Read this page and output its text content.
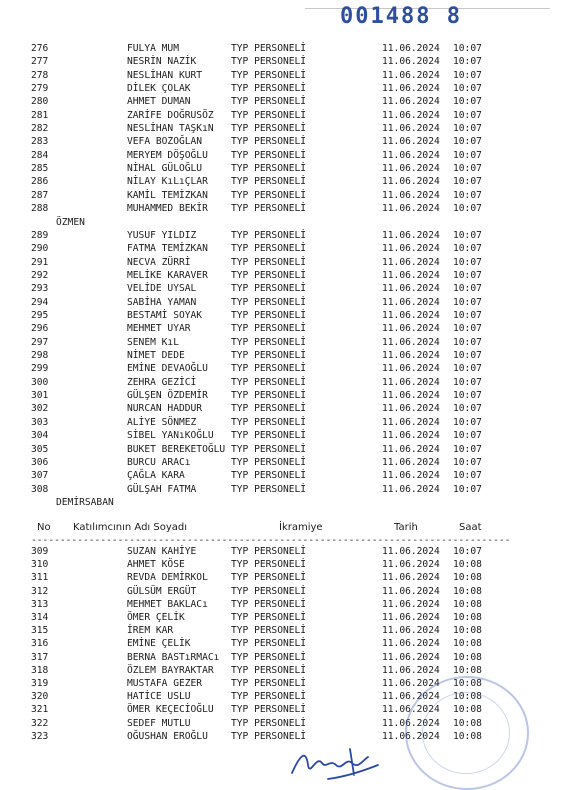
001488 8
276	FULYA MUM	TYP PERSONELİ	11.06.2024 10:07
277	NESRİN NAZİK	TYP PERSONELİ	11.06.2024 10:07
278	NESLİHAN KURT	TYP PERSONELİ	11.06.2024 10:07
279	DİLEK ÇOLAK	TYP PERSONELİ	11.06.2024 10:07
280	AHMET DUMAN	TYP PERSONELİ	11.06.2024 10:07
281	ZARİFE DOĞRUSÖZ TYP PERSONELİ	11.06.2024 10:07
282	NESLİHAN TAŞKıN TYP PERSONELİ	11.06.2024 10:07
283	VEFA BOZOĞLAN	TYP PERSONELİ	11.06.2024 10:07
284	MERYEM DÖŞOĞLU TYP PERSONELİ	11.06.2024 10:07
285	NİHAL GÜLOĞLU	TYP PERSONELİ	11.06.2024 10:07
286	NİLAY KıLıÇLAR TYP PERSONELİ	11.06.2024 10:07
287	KAMİL TEMİZKAN TYP PERSONELİ	11.06.2024 10:07
288	MUHAMMED BEKİR TYP PERSONELİ	11.06.2024 10:07
ÖZMEN
289	YUSUF YILDIZ	TYP PERSONELİ	11.06.2024 10:07
290	FATMA TEMİZKAN TYP PERSONELİ	11.06.2024 10:07
291	NECVA ZÜRRİ	TYP PERSONELİ	11.06.2024 10:07
292	MELİKE KARAVER TYP PERSONELİ	11.06.2024 10:07
293	VELİDE UYSAL	TYP PERSONELİ	11.06.2024 10:07
294	SABİHA YAMAN	TYP PERSONELİ	11.06.2024 10:07
295	BESTAMİ SOYAK	TYP PERSONELİ	11.06.2024 10:07
296	MEHMET UYAR	TYP PERSONELİ	11.06.2024 10:07
297	SENEM KıL	TYP PERSONELİ	11.06.2024 10:07
298	NİMET DEDE	TYP PERSONELİ	11.06.2024 10:07
299	EMİNE DEVAOĞLU TYP PERSONELİ	11.06.2024 10:07
300	ZEHRA GEZİCİ	TYP PERSONELİ	11.06.2024 10:07
301	GÜLŞEN ÖZDEMİR TYP PERSONELİ	11.06.2024 10:07
302	NURCAN HADDUR	TYP PERSONELİ	11.06.2024 10:07
303	ALİYE SÖNMEZ	TYP PERSONELİ	11.06.2024 10:07
304	SİBEL YANıKOĞLU TYP PERSONELİ	11.06.2024 10:07
305	BUKET BEREKETOĞLU TYP PERSONELİ	11.06.2024 10:07
306	BURCU ARACı	TYP PERSONELİ	11.06.2024 10:07
307	ÇAĞLA KARA	TYP PERSONELİ	11.06.2024 10:07
308	GÜLŞAH FATMA	TYP PERSONELİ	11.06.2024 10:07
DEMİRSABAN
309	SUZAN KAHİYE	TYP PERSONELİ	11.06.2024 10:07
310	AHMET KÖSE	TYP PERSONELİ	11.06.2024 10:08
311	REVDA DEMİRKOL TYP PERSONELİ	11.06.2024 10:08
312	GÜLSÜM ERGÜT	TYP PERSONELİ	11.06.2024 10:08
313	MEHMET BAKLACı TYP PERSONELİ	11.06.2024 10:08
314	ÖMER ÇELİK	TYP PERSONELİ	11.06.2024 10:08
315	İREM KAR	TYP PERSONELİ	11.06.2024 10:08
316	EMİNE ÇELİK	TYP PERSONELİ	11.06.2024 10:08
317	BERNA BASTıRMACı TYP PERSONELİ	11.06.2024 10:08
318	ÖZLEM BAYRAKTAR TYP PERSONELİ	11.06.2024 10:08
319	MUSTAFA GEZER	TYP PERSONELİ	11.06.2024 10:08
320	HATİCE USLU	TYP PERSONELİ	11.06.2024 10:08
321	ÖMER KEÇECİOĞLU TYP PERSONELİ	11.06.2024 10:08
322	SEDEF MUTLU	TYP PERSONELİ	11.06.2024 10:08
323	OĞUSHAN EROĞLU TYP PERSONELİ	11.06.2024 10:08
No Katılımcının Adı Soyadı	İkramiye	Tarih	Saat
-----------------------------------------------------------------------------------
